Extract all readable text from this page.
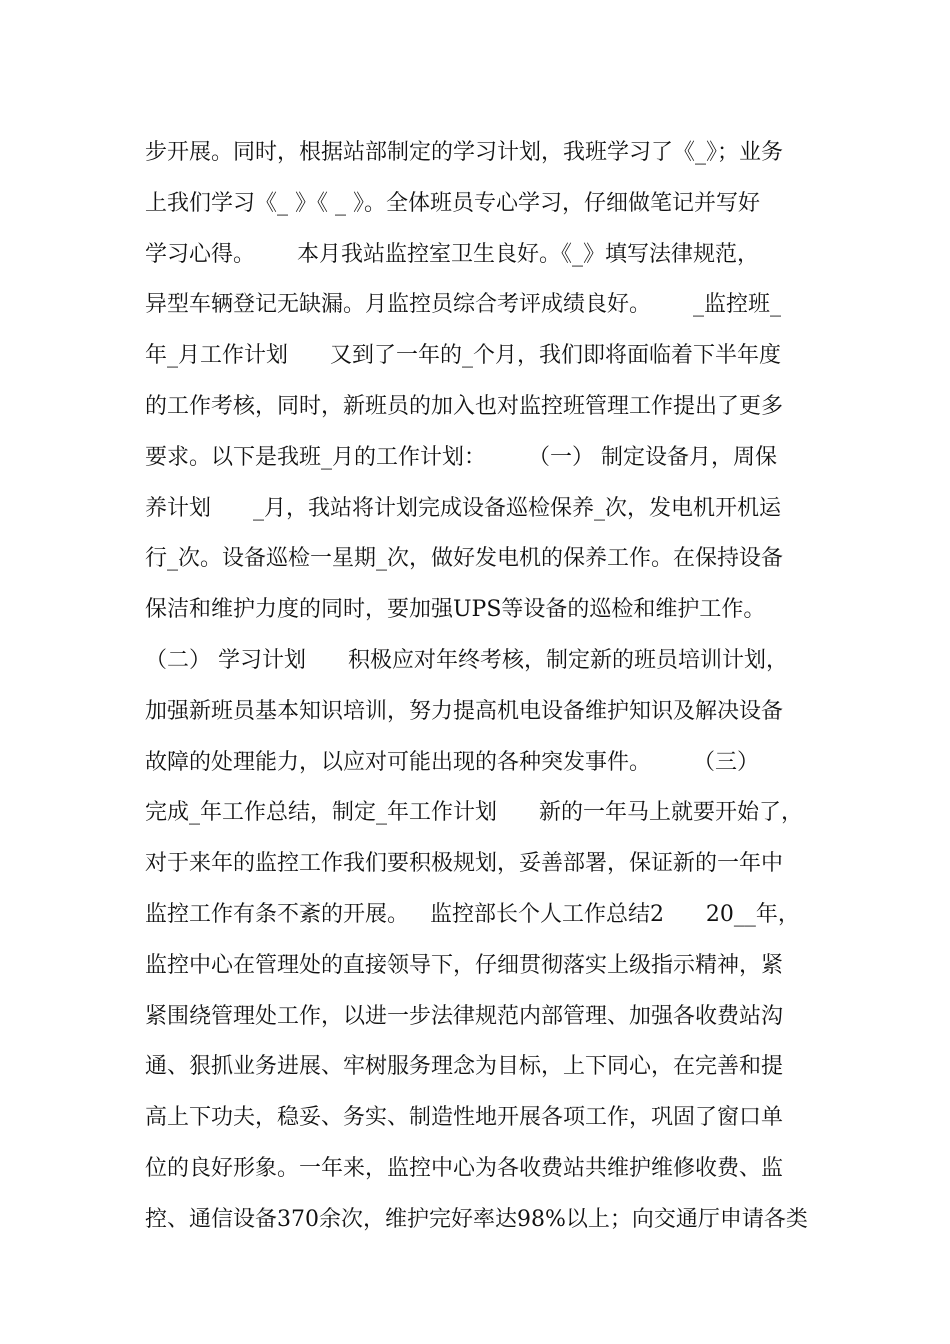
步开展。同时，根据站部制定的学习计划，我班学习了《_》；业务
上我们学习《_ 》《 _ 》。全体班员专心学习，仔细做笔记并写好
学习心得。      本月我站监控室卫生良好。《_》填写法律规范，
异型车辆登记无缺漏。月监控员综合考评成绩良好。      _监控班_
年_月工作计划      又到了一年的_个月，我们即将面临着下半年度
的工作考核，同时，新班员的加入也对监控班管理工作提出了更多
要求。以下是我班_月的工作计划：      （一） 制定设备月，周保
养计划      _月，我站将计划完成设备巡检保养_次，发电机开机运
行_次。设备巡检一星期_次，做好发电机的保养工作。在保持设备
保洁和维护力度的同时，要加强UPS等设备的巡检和维护工作。
（二） 学习计划      积极应对年终考核，制定新的班员培训计划，
加强新班员基本知识培训，努力提高机电设备维护知识及解决设备
故障的处理能力，以应对可能出现的各种突发事件。      （三）
完成_年工作总结，制定_年工作计划      新的一年马上就要开始了，
对于来年的监控工作我们要积极规划，妥善部署，保证新的一年中
监控工作有条不紊的开展。   监控部长个人工作总结2      20__年，
监控中心在管理处的直接领导下，仔细贯彻落实上级指示精神，紧
紧围绕管理处工作，以进一步法律规范内部管理、加强各收费站沟
通、狠抓业务进展、牢树服务理念为目标，上下同心，在完善和提
高上下功夫，稳妥、务实、制造性地开展各项工作，巩固了窗口单
位的良好形象。一年来，监控中心为各收费站共维护维修收费、监
控、通信设备370余次，维护完好率达98%以上；向交通厅申请各类
